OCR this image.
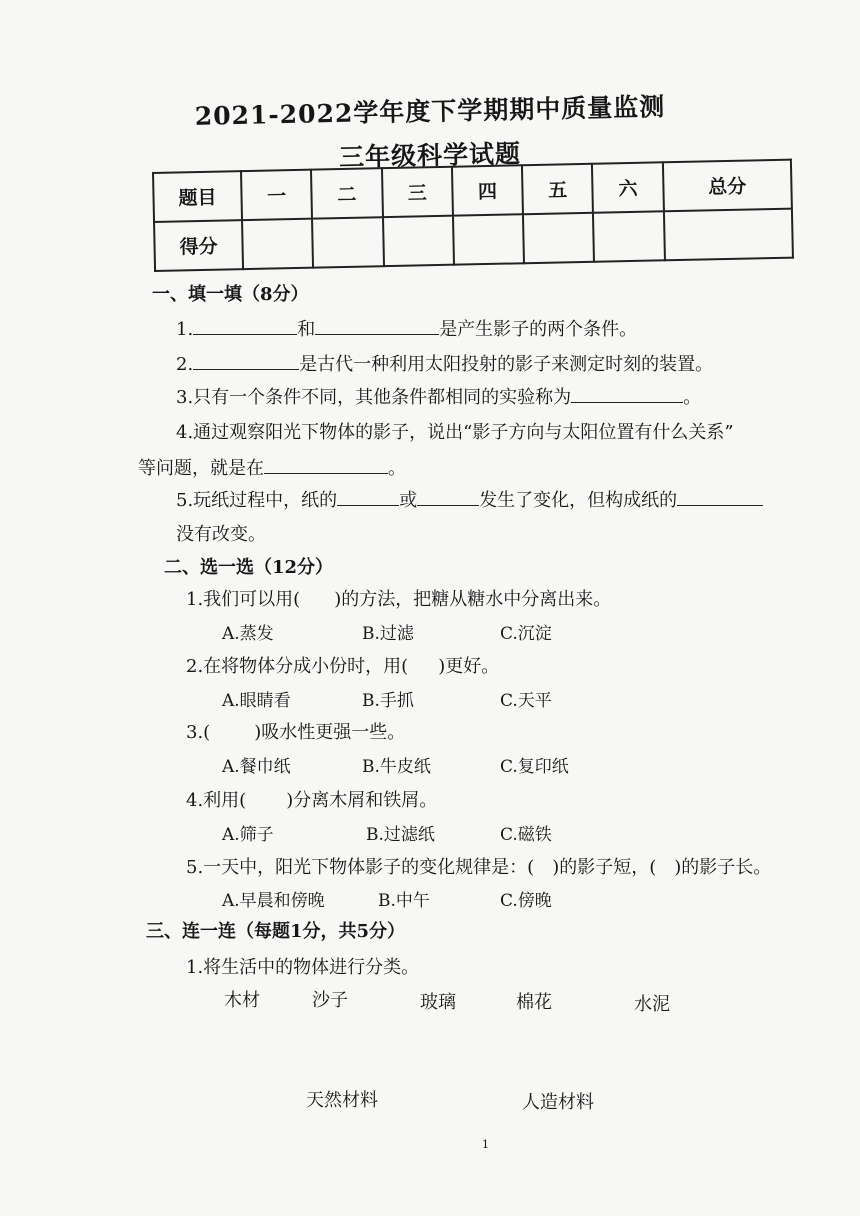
2021-2022学年度下学期期中质量监测
三年级科学试题
题目	一	二	三	四	五	六	总分
得分							
一、填一填（8分）
1.	和	是产生影子的两个条件。
2.	是古代一种利用太阳投射的影子来测定时刻的装置。
3.只有一个条件不同，其他条件都相同的实验称为	。
4.通过观察阳光下物体的影子，说出“影子方向与太阳位置有什么关系”
等问题，就是在	。
5.玩纸过程中，纸的	或	发生了变化，但构成纸的
没有改变。
二、选一选（12分）
1.我们可以用( )的方法，把糖从糖水中分离出来。
A.蒸发	B.过滤	C.沉淀
2.在将物体分成小份时，用( )更好。
A.眼睛看	B.手抓	C.天平
3.( )吸水性更强一些。
A.餐巾纸	B.牛皮纸	C.复印纸
4.利用( )分离木屑和铁屑。
A.筛子	B.过滤纸	C.磁铁
5.一天中，阳光下物体影子的变化规律是：( )的影子短，( )的影子长。
A.早晨和傍晚	B.中午	C.傍晚
三、连一连（每题1分，共5分）
1.将生活中的物体进行分类。
木材	沙子	玻璃	棉花	水泥
天然材料	人造材料
1
